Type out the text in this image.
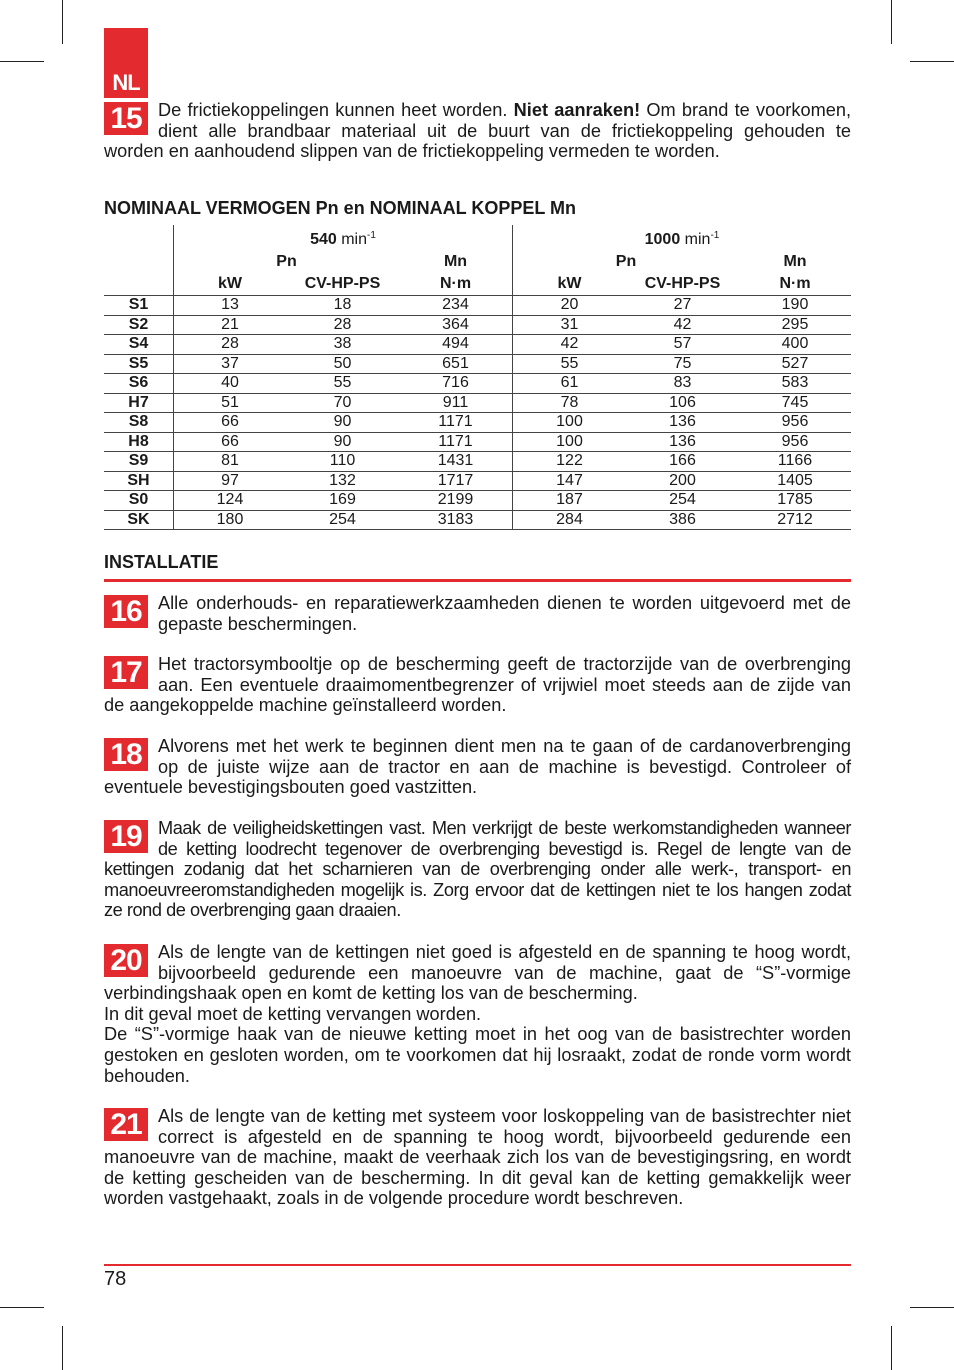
NL
15 De frictiekoppelingen kunnen heet worden. Niet aanraken! Om brand te voorkomen, dient alle brandbaar materiaal uit de buurt van de frictiekoppeling gehouden te worden en aanhoudend slippen van de frictiekoppeling vermeden te worden.
NOMINAAL VERMOGEN Pn en NOMINAAL KOPPEL Mn
	540 $\min^{-1}$			1000 $\min^{-1}$
	Pn		Mn	Pn		Mn
	kW	CV-HP-PS	N·m	kW	CV-HP-PS	N·m
S1	13	18	234	20	27	190
S2	21	28	364	31	42	295
S4	28	38	494	42	57	400
S5	37	50	651	55	75	527
S6	40	55	716	61	83	583
H7	51	70	911	78	106	745
S8	66	90	1171	100	136	956
H8	66	90	1171	100	136	956
S9	81	110	1431	122	166	1166
SH	97	132	1717	147	200	1405
S0	124	169	2199	187	254	1785
SK	180	254	3183	284	386	2712
INSTALLATIE
16 Alle onderhouds- en reparatiewerkzaamheden dienen te worden uitgevoerd met de gepaste beschermingen.
17 Het tractorsymbooltje op de bescherming geeft de tractorzijde van de overbrenging aan. Een eventuele draaimomentbegrenzer of vrijwiel moet steeds aan de zijde van de aangekoppelde machine geïnstalleerd worden.
18 Alvorens met het werk te beginnen dient men na te gaan of de cardanoverbrenging op de juiste wijze aan de tractor en aan de machine is bevestigd. Controleer of eventuele bevestigingsbouten goed vastzitten.
19 Maak de veiligheidskettingen vast. Men verkrijgt de beste werkomstandigheden wanneer de ketting loodrecht tegenover de overbrenging bevestigd is. Regel de lengte van de kettingen zodanig dat het scharnieren van de overbrenging onder alle werk-, transport- en manoeuvreeromstandigheden mogelijk is. Zorg ervoor dat de kettingen niet te los hangen zodat ze rond de overbrenging gaan draaien.
20 Als de lengte van de kettingen niet goed is afgesteld en de spanning te hoog wordt, bijvoorbeeld gedurende een manoeuvre van de machine, gaat de “S”-vormige verbindingshaak open en komt de ketting los van de bescherming.
In dit geval moet de ketting vervangen worden.
De “S”-vormige haak van de nieuwe ketting moet in het oog van de basistrechter worden gestoken en gesloten worden, om te voorkomen dat hij losraakt, zodat de ronde vorm wordt behouden.
21 Als de lengte van de ketting met systeem voor loskoppeling van de basistrechter niet correct is afgesteld en de spanning te hoog wordt, bijvoorbeeld gedurende een manoeuvre van de machine, maakt de veerhaak zich los van de bevestigingsring, en wordt de ketting gescheiden van de bescherming. In dit geval kan de ketting gemakkelijk weer worden vastgehaakt, zoals in de volgende procedure wordt beschreven.
78
